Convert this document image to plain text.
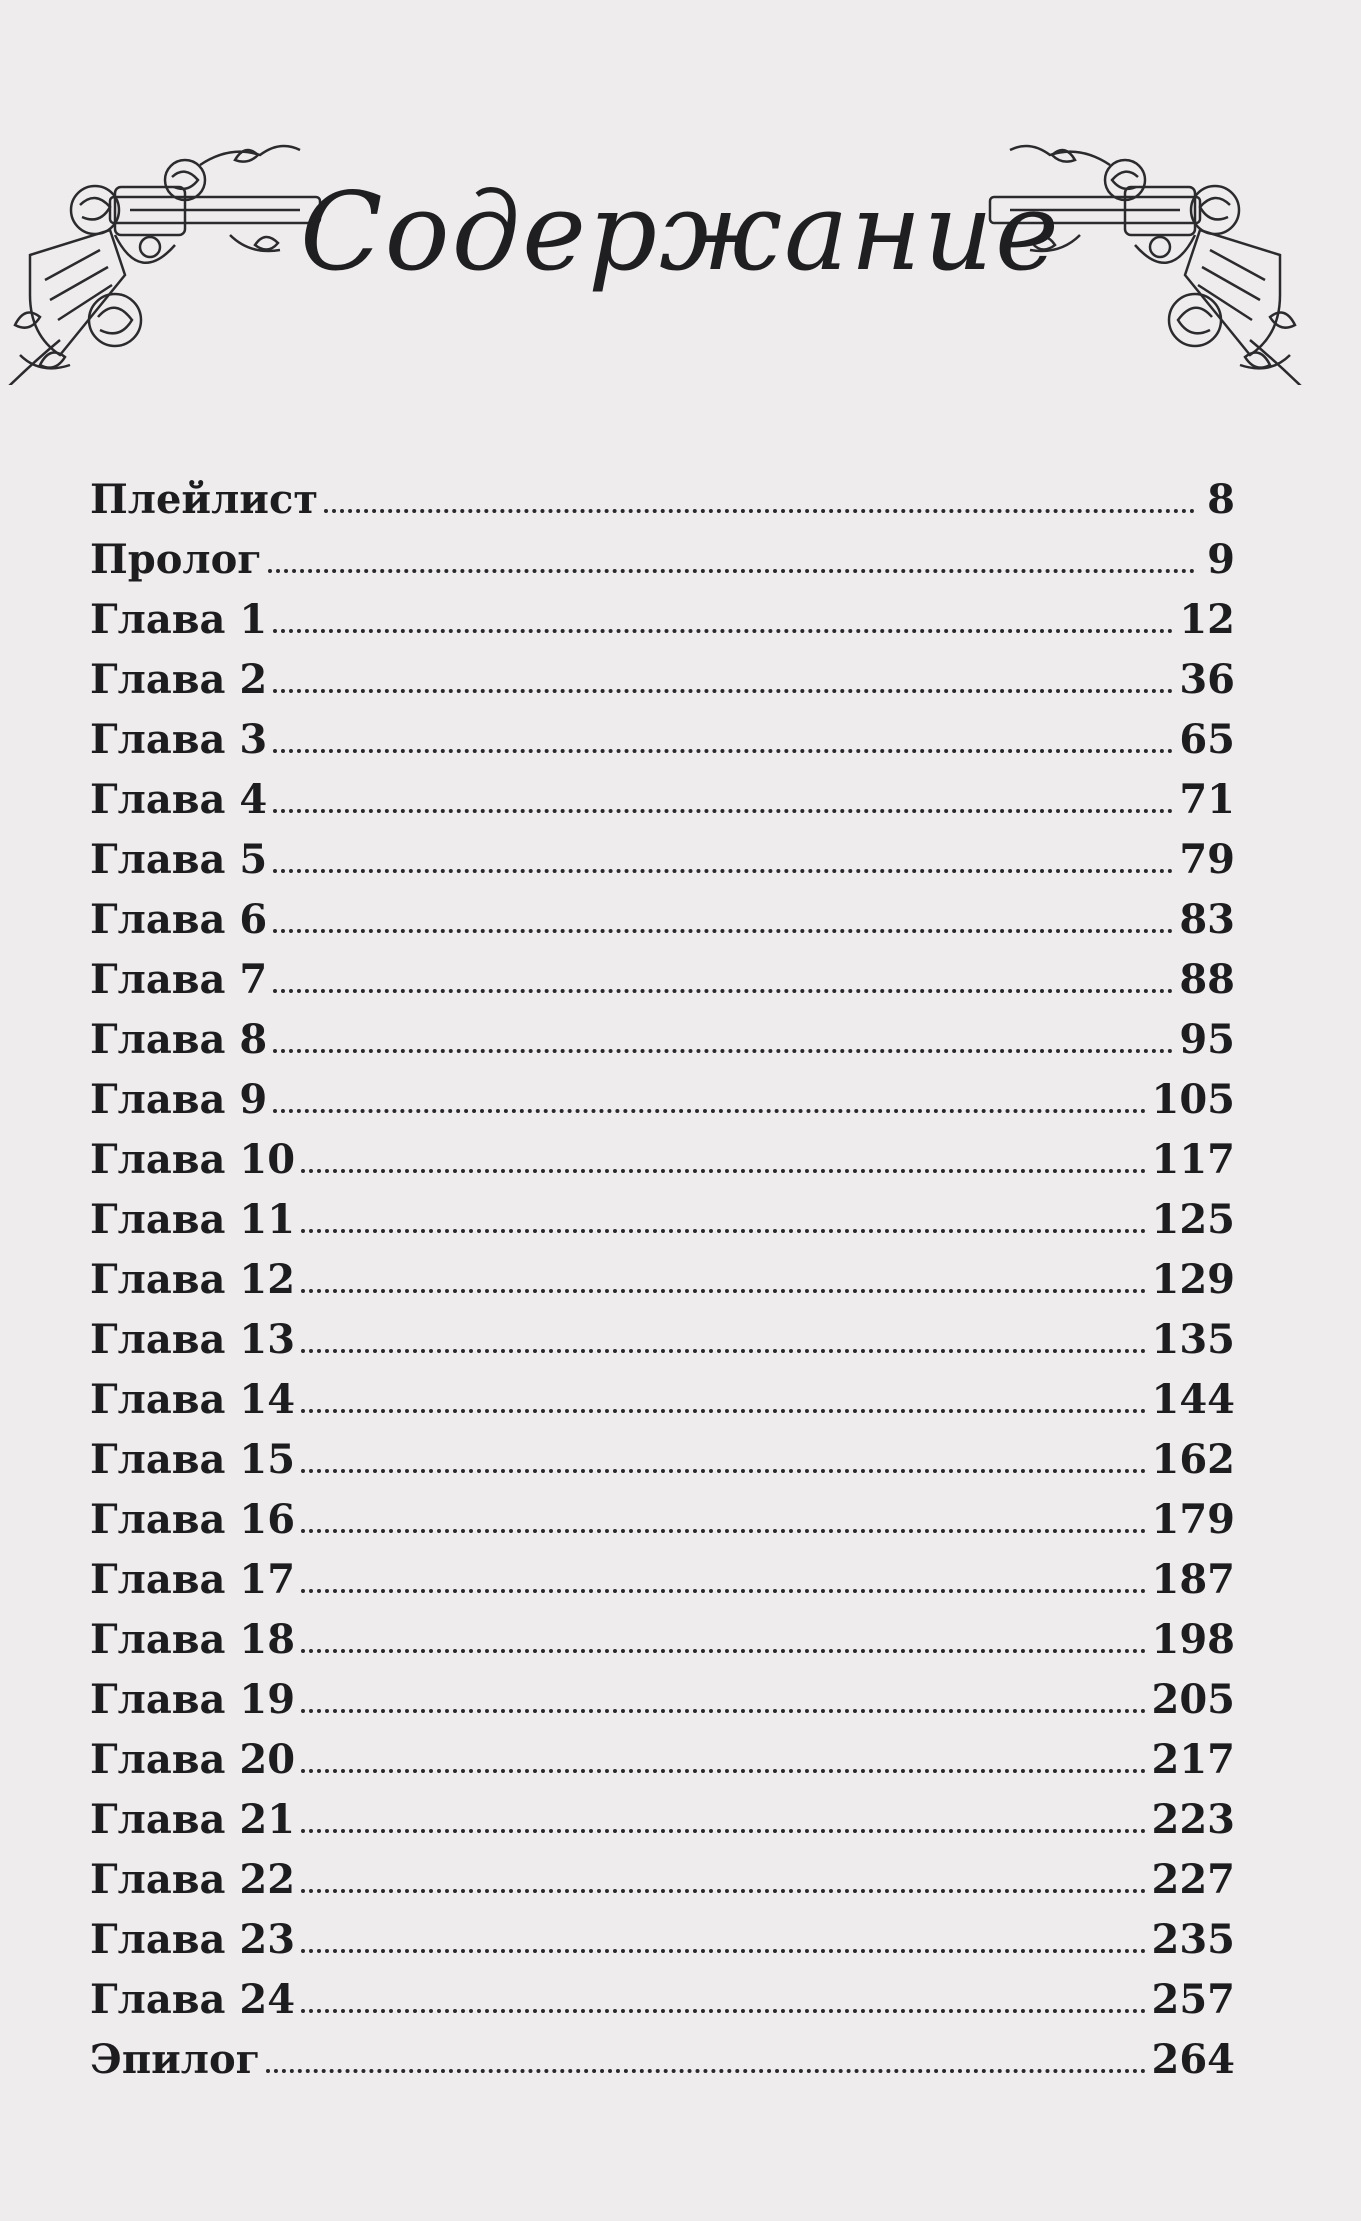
Содержание
Плейлист	8
Пролог	9
Глава 1	12
Глава 2	36
Глава 3	65
Глава 4	71
Глава 5	79
Глава 6	83
Глава 7	88
Глава 8	95
Глава 9	105
Глава 10	117
Глава 11	125
Глава 12	129
Глава 13	135
Глава 14	144
Глава 15	162
Глава 16	179
Глава 17	187
Глава 18	198
Глава 19	205
Глава 20	217
Глава 21	223
Глава 22	227
Глава 23	235
Глава 24	257
Эпилог	264
